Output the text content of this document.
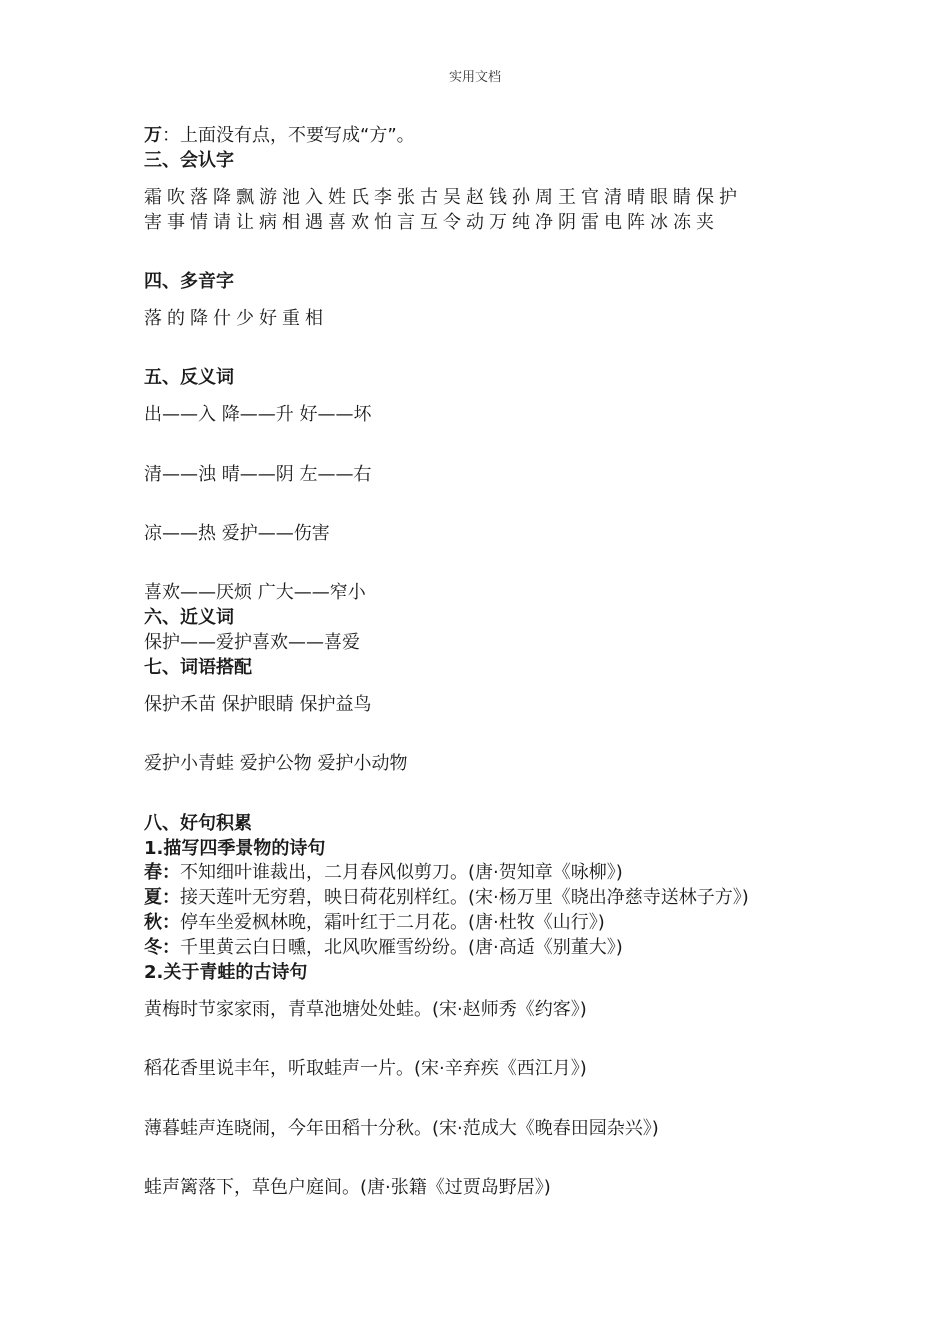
实用文档
万：上面没有点，不要写成“方”。
三、会认字
霜吹落降飘游池入姓氏李张古吴赵钱孙周王官清晴眼睛保护
害事情请让病相遇喜欢怕言互令动万纯净阴雷电阵冰冻夹
四、多音字
落的降什少好重相
五、反义词
出——入 降——升 好——坏
清——浊 晴——阴 左——右
凉——热 爱护——伤害
喜欢——厌烦 广大——窄小
六、近义词
保护——爱护喜欢——喜爱
七、词语搭配
保护禾苗 保护眼睛 保护益鸟
爱护小青蛙 爱护公物 爱护小动物
八、好句积累
1.描写四季景物的诗句
春：不知细叶谁裁出，二月春风似剪刀。(唐·贺知章《咏柳》)
夏：接天莲叶无穷碧，映日荷花别样红。(宋·杨万里《晓出净慈寺送林子方》)
秋：停车坐爱枫林晚，霜叶红于二月花。(唐·杜牧《山行》)
冬：千里黄云白日曛，北风吹雁雪纷纷。(唐·高适《别董大》)
2.关于青蛙的古诗句
黄梅时节家家雨，青草池塘处处蛙。(宋·赵师秀《约客》)
稻花香里说丰年，听取蛙声一片。(宋·辛弃疾《西江月》)
薄暮蛙声连晓闹，今年田稻十分秋。(宋·范成大《晚春田园杂兴》)
蛙声篱落下，草色户庭间。(唐·张籍《过贾岛野居》)
